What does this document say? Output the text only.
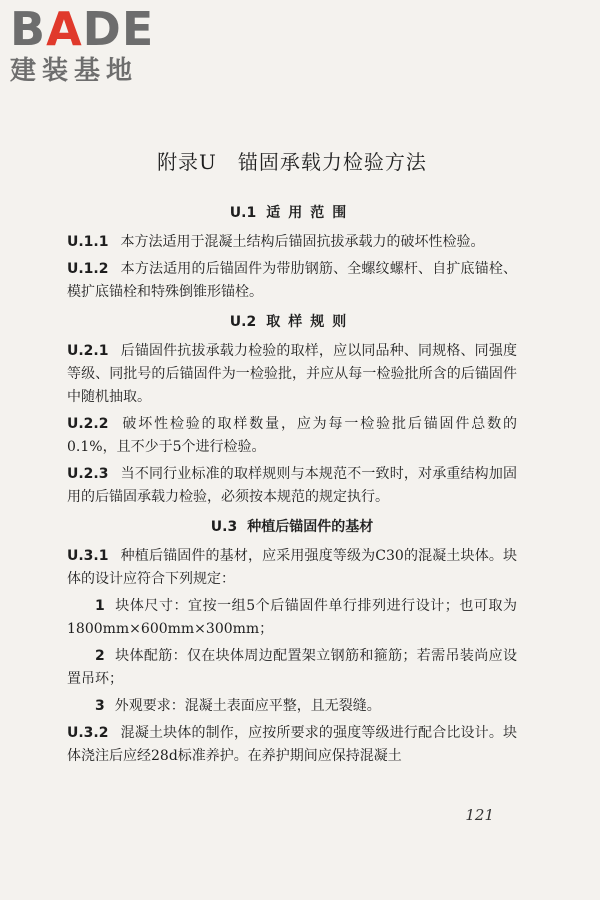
B A DE
建装基地
附录U　锚固承载力检验方法
U.1 适用范围

U.1.1 本方法适用于混凝土结构后锚固抗拔承载力的破坏性检验。

U.1.2 本方法适用的后锚固件为带肋钢筋、全螺纹螺杆、自扩底锚栓、模扩底锚栓和特殊倒锥形锚栓。

U.2 取样规则

U.2.1 后锚固件抗拔承载力检验的取样，应以同品种、同规格、同强度等级、同批号的后锚固件为一检验批，并应从每一检验批所含的后锚固件中随机抽取。

U.2.2 破坏性检验的取样数量，应为每一检验批后锚固件总数的0.1%，且不少于5个进行检验。

U.2.3 当不同行业标准的取样规则与本规范不一致时，对承重结构加固用的后锚固承载力检验，必须按本规范的规定执行。

U.3 种植后锚固件的基材

U.3.1 种植后锚固件的基材，应采用强度等级为C30的混凝土块体。块体的设计应符合下列规定：

1 块体尺寸：宜按一组5个后锚固件单行排列进行设计；也可取为1800mm×600mm×300mm；

2 块体配筋：仅在块体周边配置架立钢筋和箍筋；若需吊装尚应设置吊环；

3 外观要求：混凝土表面应平整，且无裂缝。

U.3.2 混凝土块体的制作，应按所要求的强度等级进行配合比设计。块体浇注后应经28d标准养护。在养护期间应保持混凝土

121
